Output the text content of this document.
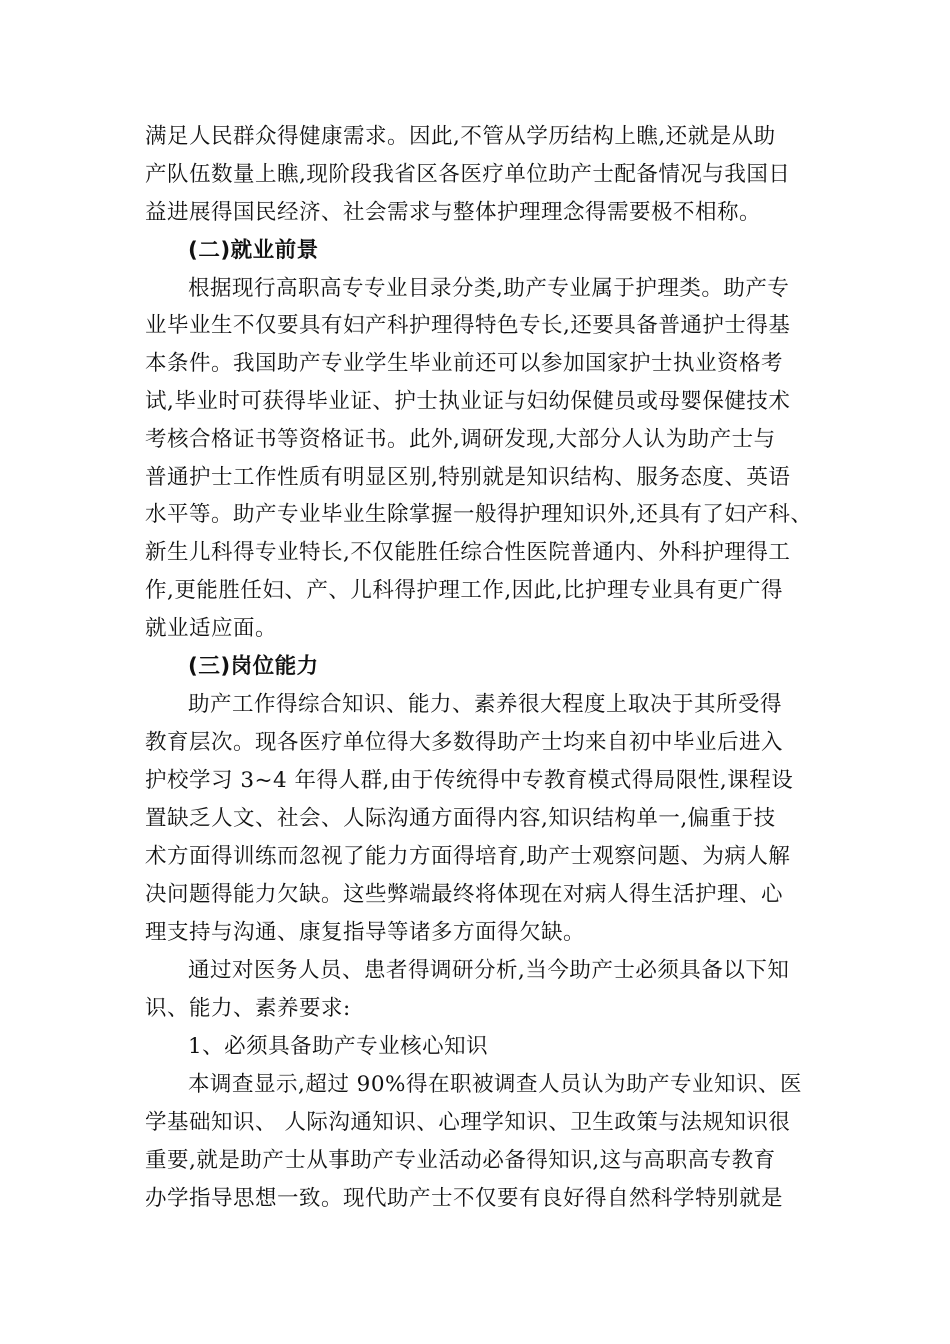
满足人民群众得健康需求。因此,不管从学历结构上瞧,还就是从助
产队伍数量上瞧,现阶段我省区各医疗单位助产士配备情况与我国日
益进展得国民经济、社会需求与整体护理理念得需要极不相称。
(二)就业前景
根据现行高职高专专业目录分类,助产专业属于护理类。助产专
业毕业生不仅要具有妇产科护理得特色专长,还要具备普通护士得基
本条件。我国助产专业学生毕业前还可以参加国家护士执业资格考
试,毕业时可获得毕业证、护士执业证与妇幼保健员或母婴保健技术
考核合格证书等资格证书。此外,调研发现,大部分人认为助产士与
普通护士工作性质有明显区别,特别就是知识结构、服务态度、英语
水平等。助产专业毕业生除掌握一般得护理知识外,还具有了妇产科、
新生儿科得专业特长,不仅能胜任综合性医院普通内、外科护理得工
作,更能胜任妇、产、儿科得护理工作,因此,比护理专业具有更广得
就业适应面。
(三)岗位能力
助产工作得综合知识、能力、素养很大程度上取决于其所受得
教育层次。现各医疗单位得大多数得助产士均来自初中毕业后进入
护校学习 3~4 年得人群,由于传统得中专教育模式得局限性,课程设
置缺乏人文、社会、人际沟通方面得内容,知识结构单一,偏重于技
术方面得训练而忽视了能力方面得培育,助产士观察问题、为病人解
决问题得能力欠缺。这些弊端最终将体现在对病人得生活护理、心
理支持与沟通、康复指导等诸多方面得欠缺。
通过对医务人员、患者得调研分析,当今助产士必须具备以下知
识、能力、素养要求:
1、必须具备助产专业核心知识
本调查显示,超过 90%得在职被调查人员认为助产专业知识、医
学基础知识、 人际沟通知识、心理学知识、卫生政策与法规知识很
重要,就是助产士从事助产专业活动必备得知识,这与高职高专教育
办学指导思想一致。现代助产士不仅要有良好得自然科学特别就是
